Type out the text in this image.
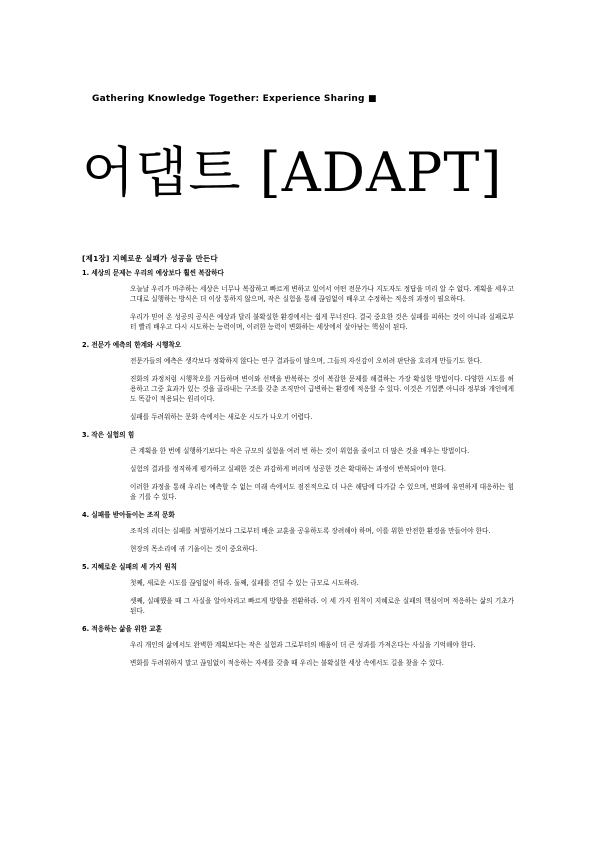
Gathering Knowledge Together: Experience Sharing ■
어댑트 [ADAPT]
[제1장] 지혜로운 실패가 성공을 만든다
1. 세상의 문제는 우리의 예상보다 훨씬 복잡하다
오늘날 우리가 마주하는 세상은 너무나 복잡하고 빠르게 변하고 있어서 어떤 전문가나 지도자도 정답을 미리 알 수 없다. 계획을 세우고 그대로 실행하는 방식은 더 이상 통하지 않으며, 작은 실험을 통해 끊임없이 배우고 수정하는 적응의 과정이 필요하다.
우리가 믿어 온 성공의 공식은 예상과 달리 불확실한 환경에서는 쉽게 무너진다. 결국 중요한 것은 실패를 피하는 것이 아니라 실패로부터 빨리 배우고 다시 시도하는 능력이며, 이러한 능력이 변화하는 세상에서 살아남는 핵심이 된다.
2. 전문가 예측의 한계와 시행착오
전문가들의 예측은 생각보다 정확하지 않다는 연구 결과들이 많으며, 그들의 자신감이 오히려 판단을 흐리게 만들기도 한다.
진화의 과정처럼 시행착오를 거듭하며 변이와 선택을 반복하는 것이 복잡한 문제를 해결하는 가장 확실한 방법이다. 다양한 시도를 허용하고 그중 효과가 있는 것을 골라내는 구조를 갖춘 조직만이 급변하는 환경에 적응할 수 있다. 이것은 기업뿐 아니라 정부와 개인에게도 똑같이 적용되는 원리이다.
실패를 두려워하는 문화 속에서는 새로운 시도가 나오기 어렵다.
3. 작은 실험의 힘
큰 계획을 한 번에 실행하기보다는 작은 규모의 실험을 여러 번 하는 것이 위험을 줄이고 더 많은 것을 배우는 방법이다.
실험의 결과를 정직하게 평가하고 실패한 것은 과감하게 버리며 성공한 것은 확대하는 과정이 반복되어야 한다.
이러한 과정을 통해 우리는 예측할 수 없는 미래 속에서도 점진적으로 더 나은 해답에 다가갈 수 있으며, 변화에 유연하게 대응하는 힘을 기를 수 있다.
4. 실패를 받아들이는 조직 문화
조직의 리더는 실패를 처벌하기보다 그로부터 배운 교훈을 공유하도록 장려해야 하며, 이를 위한 안전한 환경을 만들어야 한다.
현장의 목소리에 귀 기울이는 것이 중요하다.
5. 지혜로운 실패의 세 가지 원칙
첫째, 새로운 시도를 끊임없이 하라. 둘째, 실패를 견딜 수 있는 규모로 시도하라.
셋째, 실패했을 때 그 사실을 알아차리고 빠르게 방향을 전환하라. 이 세 가지 원칙이 지혜로운 실패의 핵심이며 적응하는 삶의 기초가 된다.
6. 적응하는 삶을 위한 교훈
우리 개인의 삶에서도 완벽한 계획보다는 작은 실험과 그로부터의 배움이 더 큰 성과를 가져온다는 사실을 기억해야 한다.
변화를 두려워하지 말고 끊임없이 적응하는 자세를 갖출 때 우리는 불확실한 세상 속에서도 길을 찾을 수 있다.
